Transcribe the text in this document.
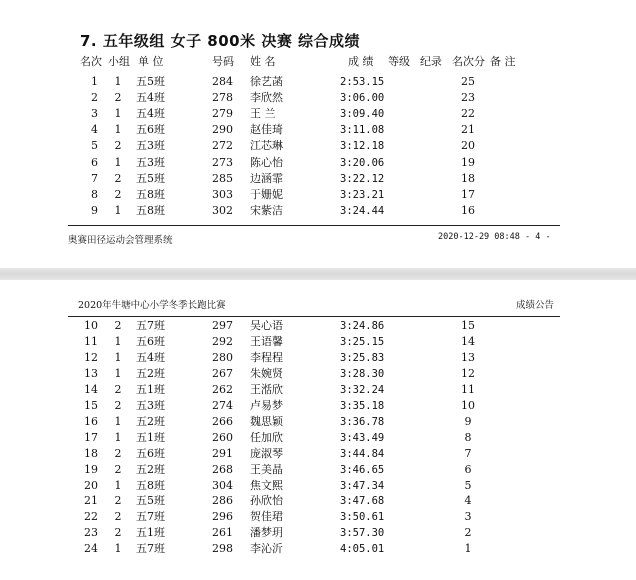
7. 五年级组 女子 800米 决赛 综合成绩
名次 小组 单 位	号码 姓 名	成 绩 等级 纪录 名次分 备 注
1 1 五5班	284 徐艺菡	2:53.15	25
2 2 五4班	278 李欣然	3:06.00	23
3 1 五4班	279 王 兰	3:09.40	22
4 1 五6班	290 赵佳琦	3:11.08	21
5 2 五3班	272 江芯琳	3:12.18	20
6 1 五3班	273 陈心怡	3:20.06	19
7 2 五5班	285 边涵霏	3:22.12	18
8 2 五8班	303 于姗妮	3:23.21	17
9 1 五8班	302 宋紫洁	3:24.44	16
奥赛田径运动会管理系统	2020-12-29 08:48 - 4 -
2020年牛塘中心小学冬季长跑比赛	成绩公告
10 2 五7班	297 吴心语	3:24.86	15
11 1 五6班	292 王语馨	3:25.15	14
12 1 五4班	280 李程程	3:25.83	13
13 1 五2班	267 朱婉贤	3:28.30	12
14 2 五1班	262 王湉欣	3:32.24	11
15 2 五3班	274 卢易梦	3:35.18	10
16 1 五2班	266 魏思颖	3:36.78	9
17 1 五1班	260 任加欣	3:43.49	8
18 2 五6班	291 庞淑琴	3:44.84	7
19 2 五2班	268 王美晶	3:46.65	6
20 1 五8班	304 焦文熙	3:47.34	5
21 2 五5班	286 孙欣怡	3:47.68	4
22 2 五7班	296 贺佳珺	3:50.61	3
23 2 五1班	261 潘梦玥	3:57.30	2
24 1 五7班	298 李沁沂	4:05.01	1
